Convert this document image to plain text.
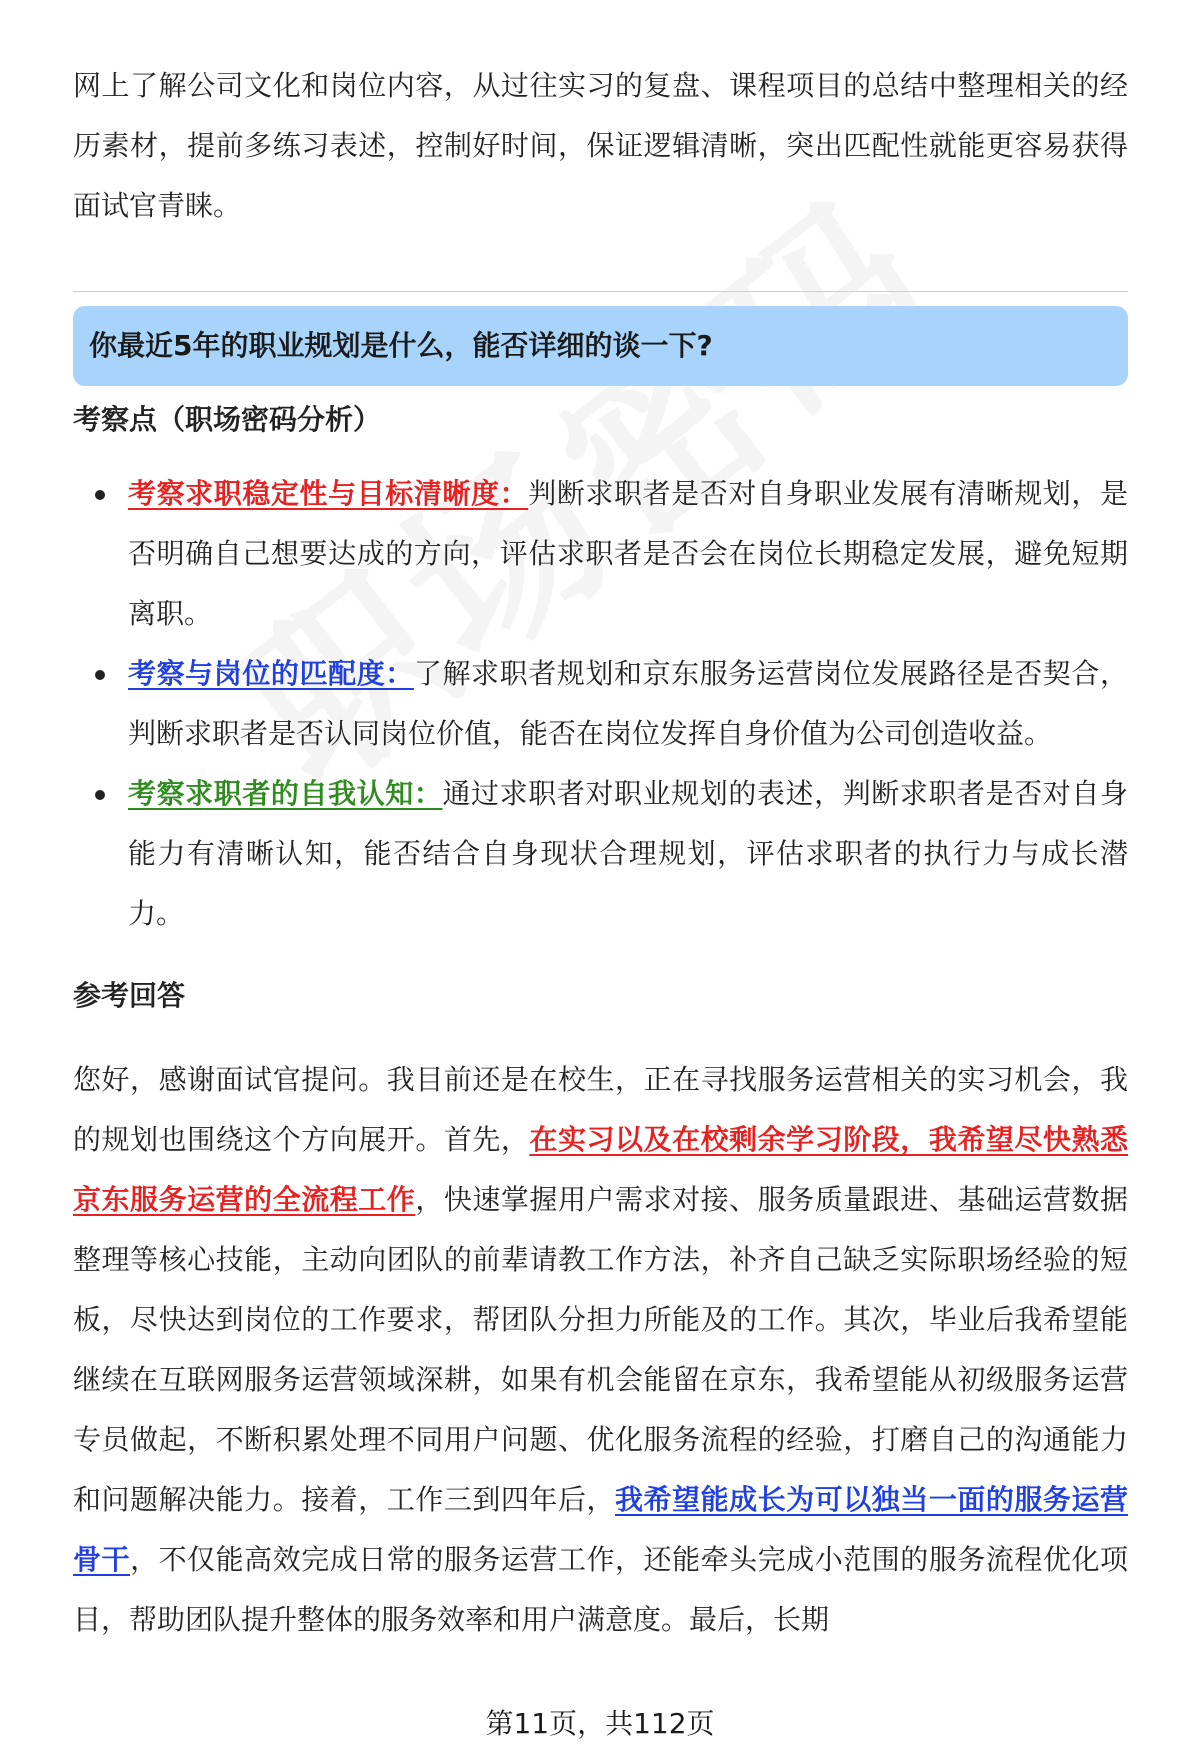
网上了解公司文化和岗位内容，从过往实习的复盘、课程项目的总结中整理相关的经历素材，提前多练习表述，控制好时间，保证逻辑清晰，突出匹配性就能更容易获得面试官青睐。

你最近5年的职业规划是什么，能否详细的谈一下?
考察点（职场密码分析）
考察求职稳定性与目标清晰度：判断求职者是否对自身职业发展有清晰规划，是否明确自己想要达成的方向，评估求职者是否会在岗位长期稳定发展，避免短期离职。
考察与岗位的匹配度：了解求职者规划和京东服务运营岗位发展路径是否契合，判断求职者是否认同岗位价值，能否在岗位发挥自身价值为公司创造收益。
考察求职者的自我认知：通过求职者对职业规划的表述，判断求职者是否对自身能力有清晰认知，能否结合自身现状合理规划，评估求职者的执行力与成长潜力。
参考回答

您好，感谢面试官提问。我目前还是在校生，正在寻找服务运营相关的实习机会，我的规划也围绕这个方向展开。首先，在实习以及在校剩余学习阶段，我希望尽快熟悉京东服务运营的全流程工作，快速掌握用户需求对接、服务质量跟进、基础运营数据整理等核心技能，主动向团队的前辈请教工作方法，补齐自己缺乏实际职场经验的短板，尽快达到岗位的工作要求，帮团队分担力所能及的工作。其次，毕业后我希望能继续在互联网服务运营领域深耕，如果有机会能留在京东，我希望能从初级服务运营专员做起，不断积累处理不同用户问题、优化服务流程的经验，打磨自己的沟通能力和问题解决能力。接着，工作三到四年后，我希望能成长为可以独当一面的服务运营骨干，不仅能高效完成日常的服务运营工作，还能牵头完成小范围的服务流程优化项目，帮助团队提升整体的服务效率和用户满意度。最后，长期

第11页，共112页
